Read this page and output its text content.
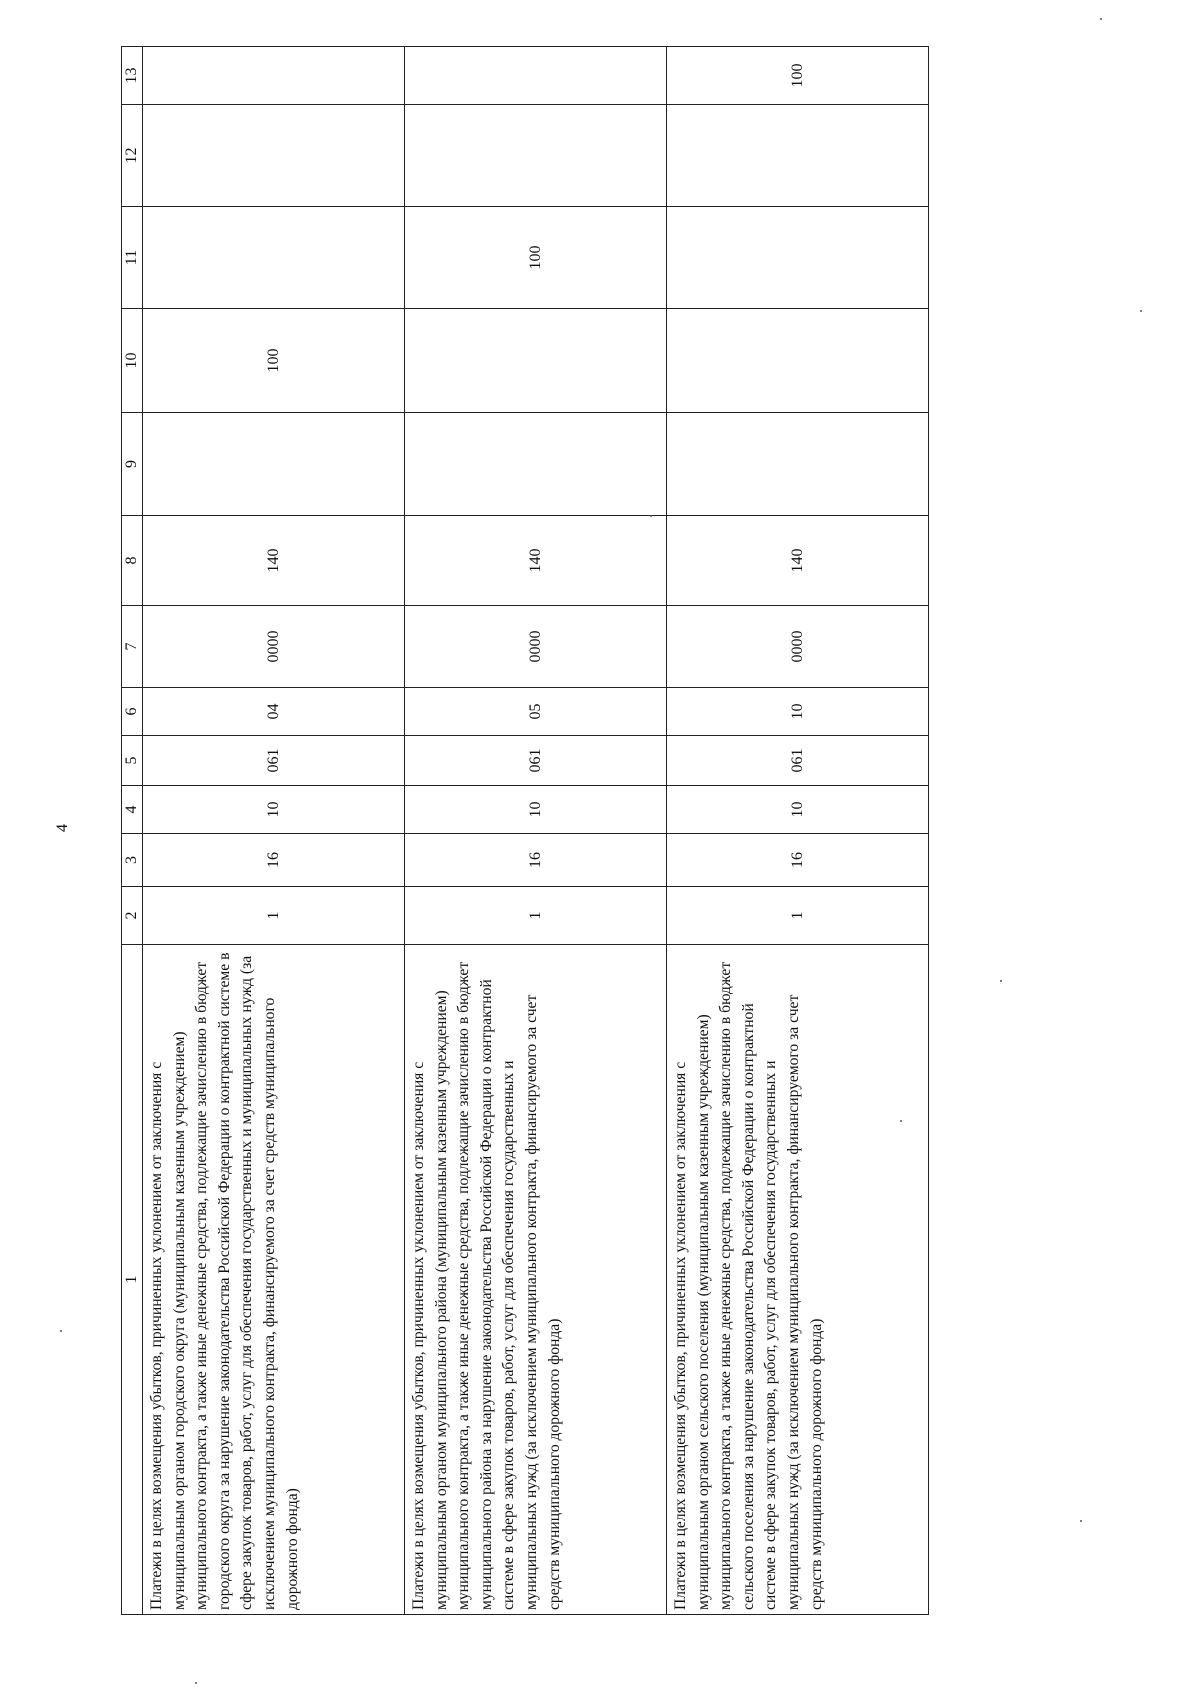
4
1	2	3	4	5	6	7	8	9	10	11	12	13
Платежи в целях возмещения убытков, причиненных уклонением от заключения с муниципальным органом городского округа (муниципальным казенным учреждением) муниципального контракта, а также иные денежные средства, подлежащие зачислению в бюджет городского округа за нарушение законодательства Российской Федерации о контрактной системе в сфере закупок товаров, работ, услуг для обеспечения государственных и муниципальных нужд (за исключением муниципального контракта, финансируемого за счет средств муниципального дорожного фонда)	1	16	10	061	04	0000	140		100			
Платежи в целях возмещения убытков, причиненных уклонением от заключения с муниципальным органом муниципального района (муниципальным казенным учреждением) муниципального контракта, а также иные денежные средства, подлежащие зачислению в бюджет муниципального района за нарушение законодательства Российской Федерации о контрактной системе в сфере закупок товаров, работ, услуг для обеспечения государственных и муниципальных нужд (за исключением муниципального контракта, финансируемого за счет средств муниципального дорожного фонда)	1	16	10	061	05	0000	140			100		
Платежи в целях возмещения убытков, причиненных уклонением от заключения с муниципальным органом сельского поселения (муниципальным казенным учреждением) муниципального контракта, а также иные денежные средства, подлежащие зачислению в бюджет сельского поселения за нарушение законодательства Российской Федерации о контрактной системе в сфере закупок товаров, работ, услуг для обеспечения государственных и муниципальных нужд (за исключением муниципального контракта, финансируемого за счет средств муниципального дорожного фонда)	1	16	10	061	10	0000	140					100
